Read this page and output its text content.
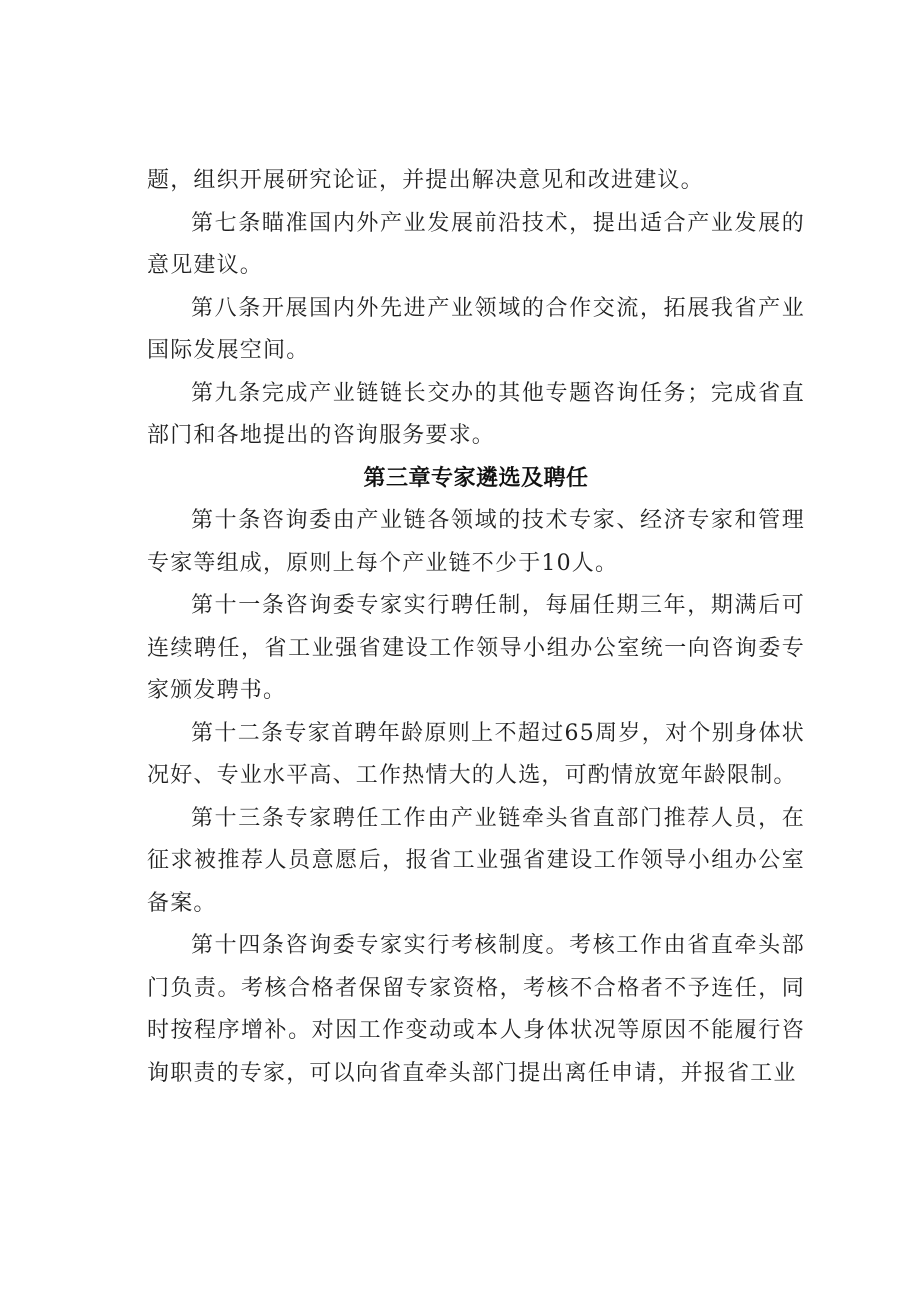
题，组织开展研究论证，并提出解决意见和改进建议。

第七条瞄准国内外产业发展前沿技术，提出适合产业发展的意见建议。

第八条开展国内外先进产业领域的合作交流，拓展我省产业国际发展空间。

第九条完成产业链链长交办的其他专题咨询任务；完成省直部门和各地提出的咨询服务要求。

第三章专家遴选及聘任

第十条咨询委由产业链各领域的技术专家、经济专家和管理专家等组成，原则上每个产业链不少于10人。

第十一条咨询委专家实行聘任制，每届任期三年，期满后可连续聘任，省工业强省建设工作领导小组办公室统一向咨询委专家颁发聘书。

第十二条专家首聘年龄原则上不超过65周岁，对个别身体状况好、专业水平高、工作热情大的人选，可酌情放宽年龄限制。

第十三条专家聘任工作由产业链牵头省直部门推荐人员，在征求被推荐人员意愿后，报省工业强省建设工作领导小组办公室备案。

第十四条咨询委专家实行考核制度。考核工作由省直牵头部门负责。考核合格者保留专家资格，考核不合格者不予连任，同时按程序增补。对因工作变动或本人身体状况等原因不能履行咨询职责的专家，可以向省直牵头部门提出离任申请，并报省工业
